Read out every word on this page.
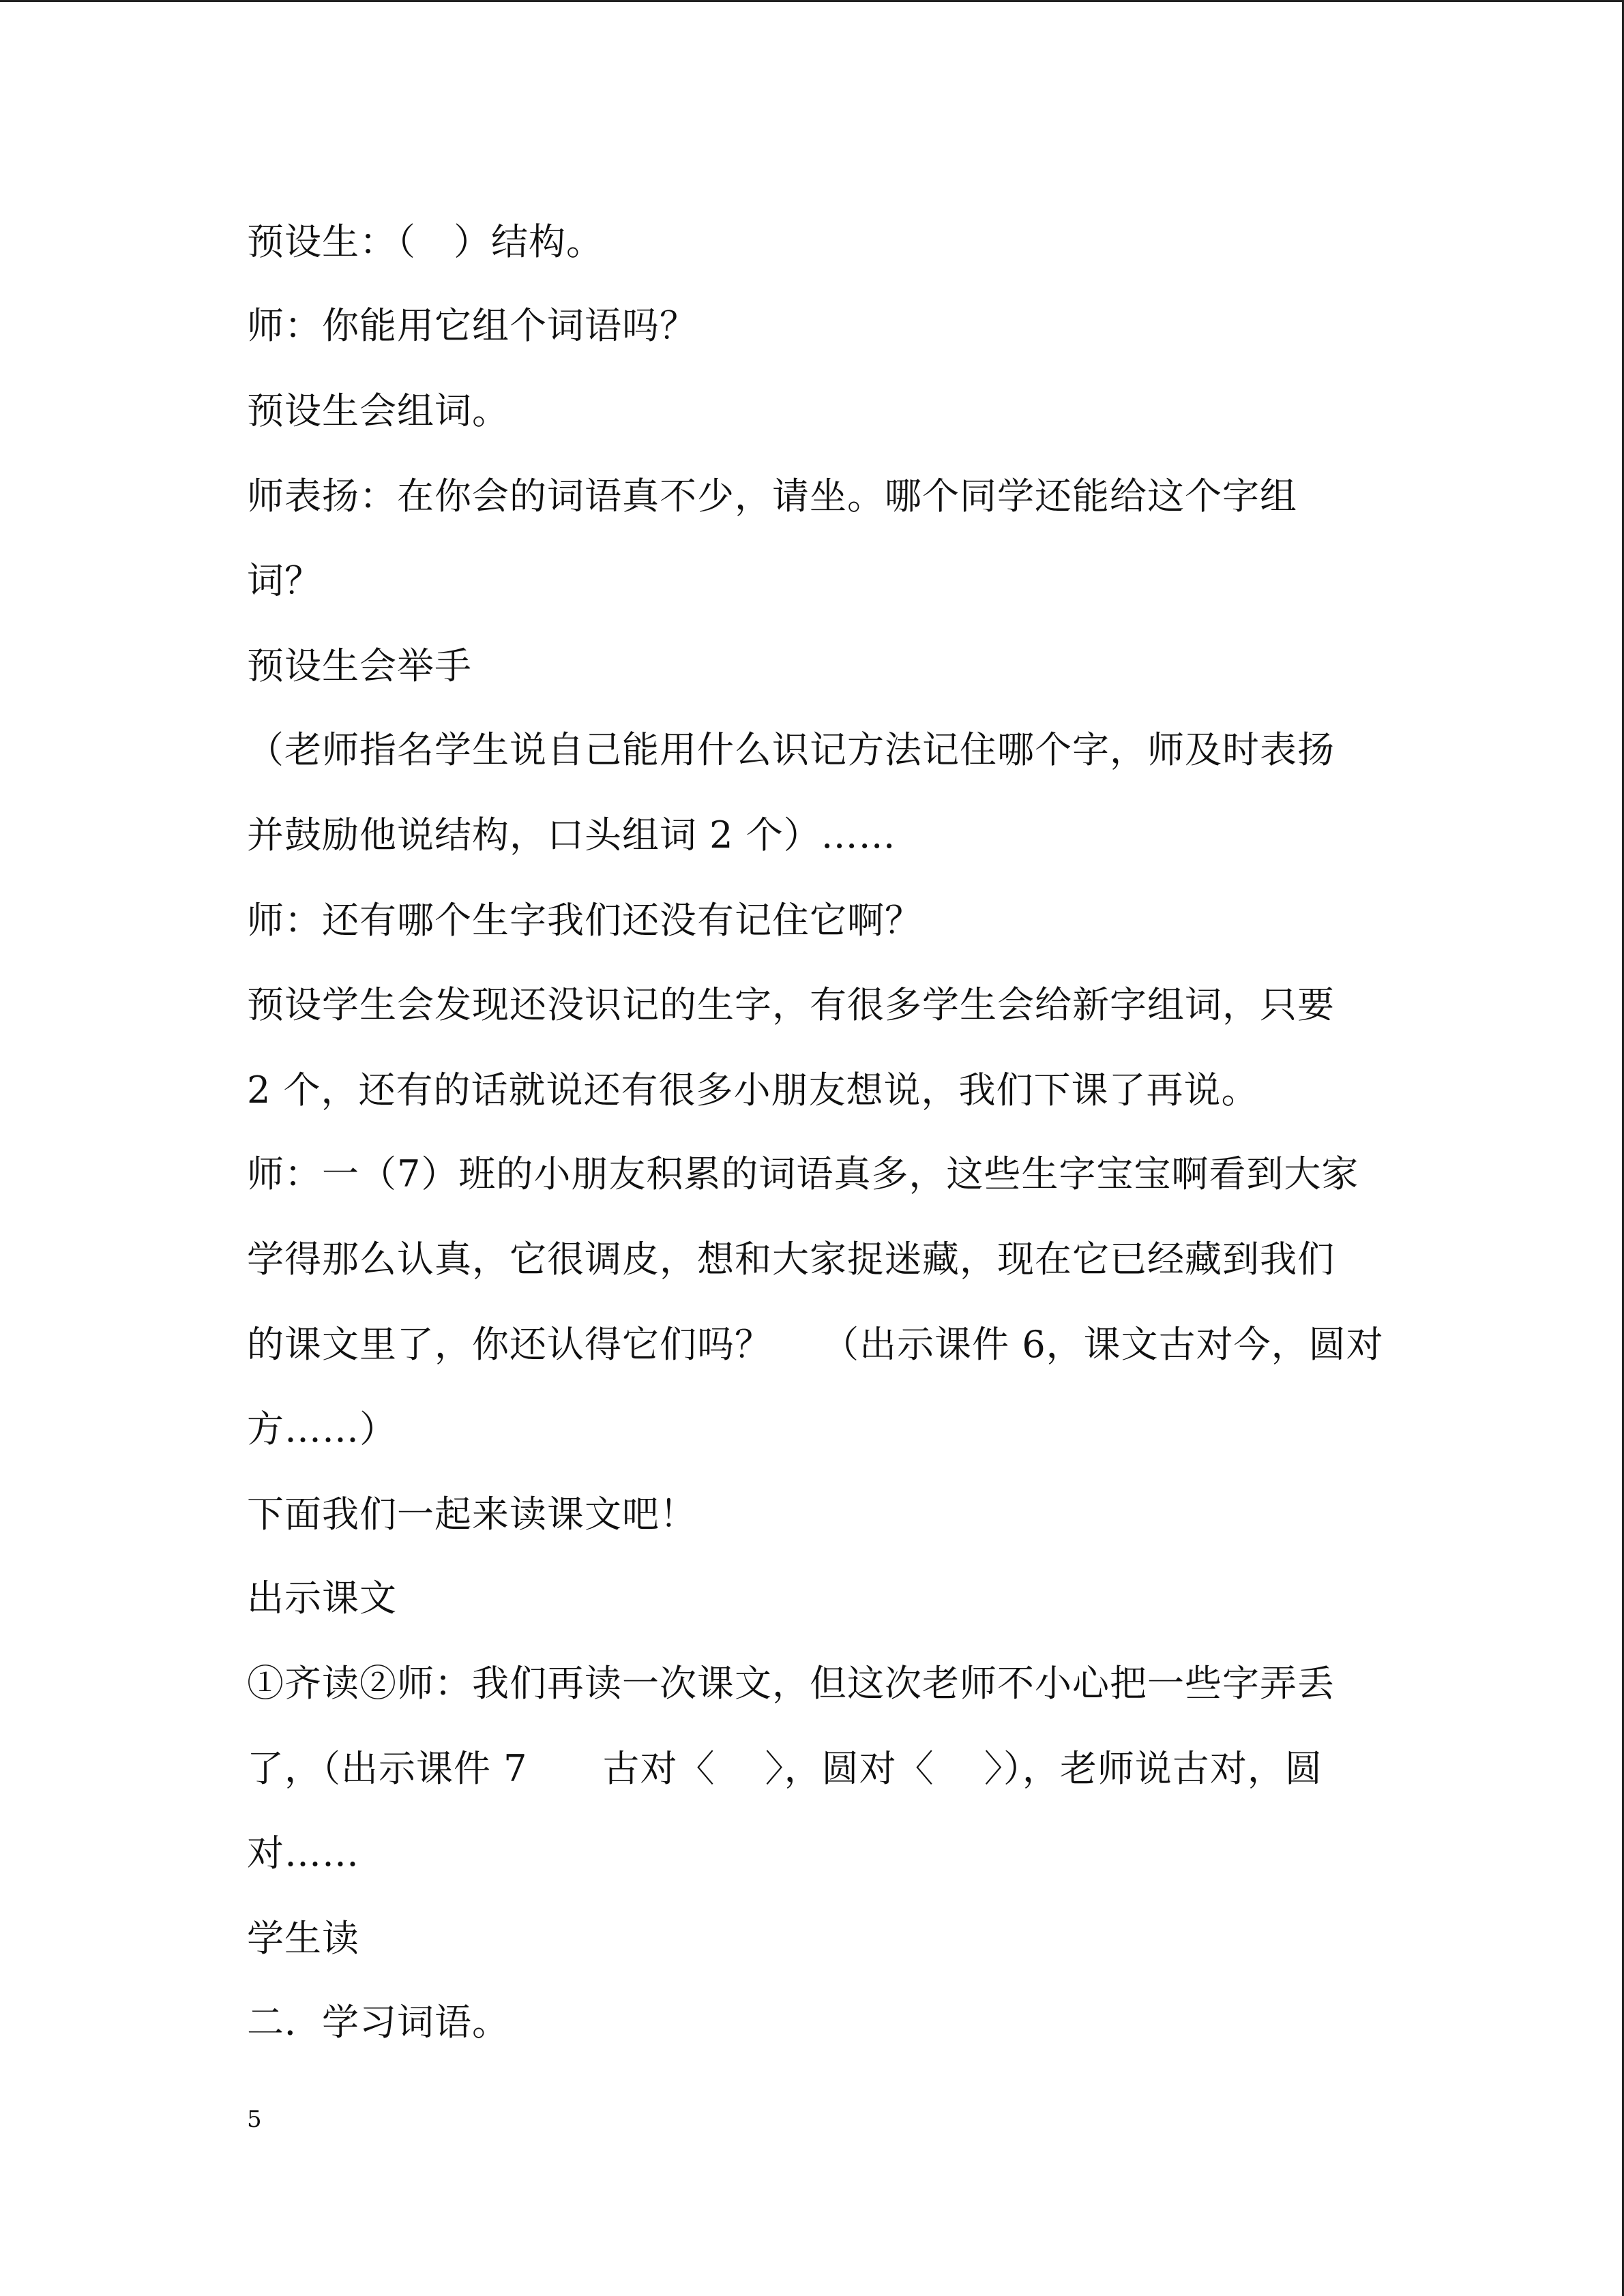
预设生：（　）结构。
师：你能用它组个词语吗？
预设生会组词。
师表扬：在你会的词语真不少，请坐。哪个同学还能给这个字组
词？
预设生会举手
（老师指名学生说自己能用什么识记方法记住哪个字，师及时表扬
并鼓励他说结构，口头组词 2 个）……
师：还有哪个生字我们还没有记住它啊？
预设学生会发现还没识记的生字，有很多学生会给新字组词，只要
2 个，还有的话就说还有很多小朋友想说，我们下课了再说。
师：一（7）班的小朋友积累的词语真多，这些生字宝宝啊看到大家
学得那么认真，它很调皮，想和大家捉迷藏，现在它已经藏到我们
的课文里了，你还认得它们吗？　 （出示课件 6，课文古对今，圆对
方……）
下面我们一起来读课文吧！
出示课文
①齐读②师：我们再读一次课文，但这次老师不小心把一些字弄丢
了，（出示课件 7　　古对〈　 〉，圆对〈　 〉），老师说古对，圆
对……
学生读
二．学习词语。
5
